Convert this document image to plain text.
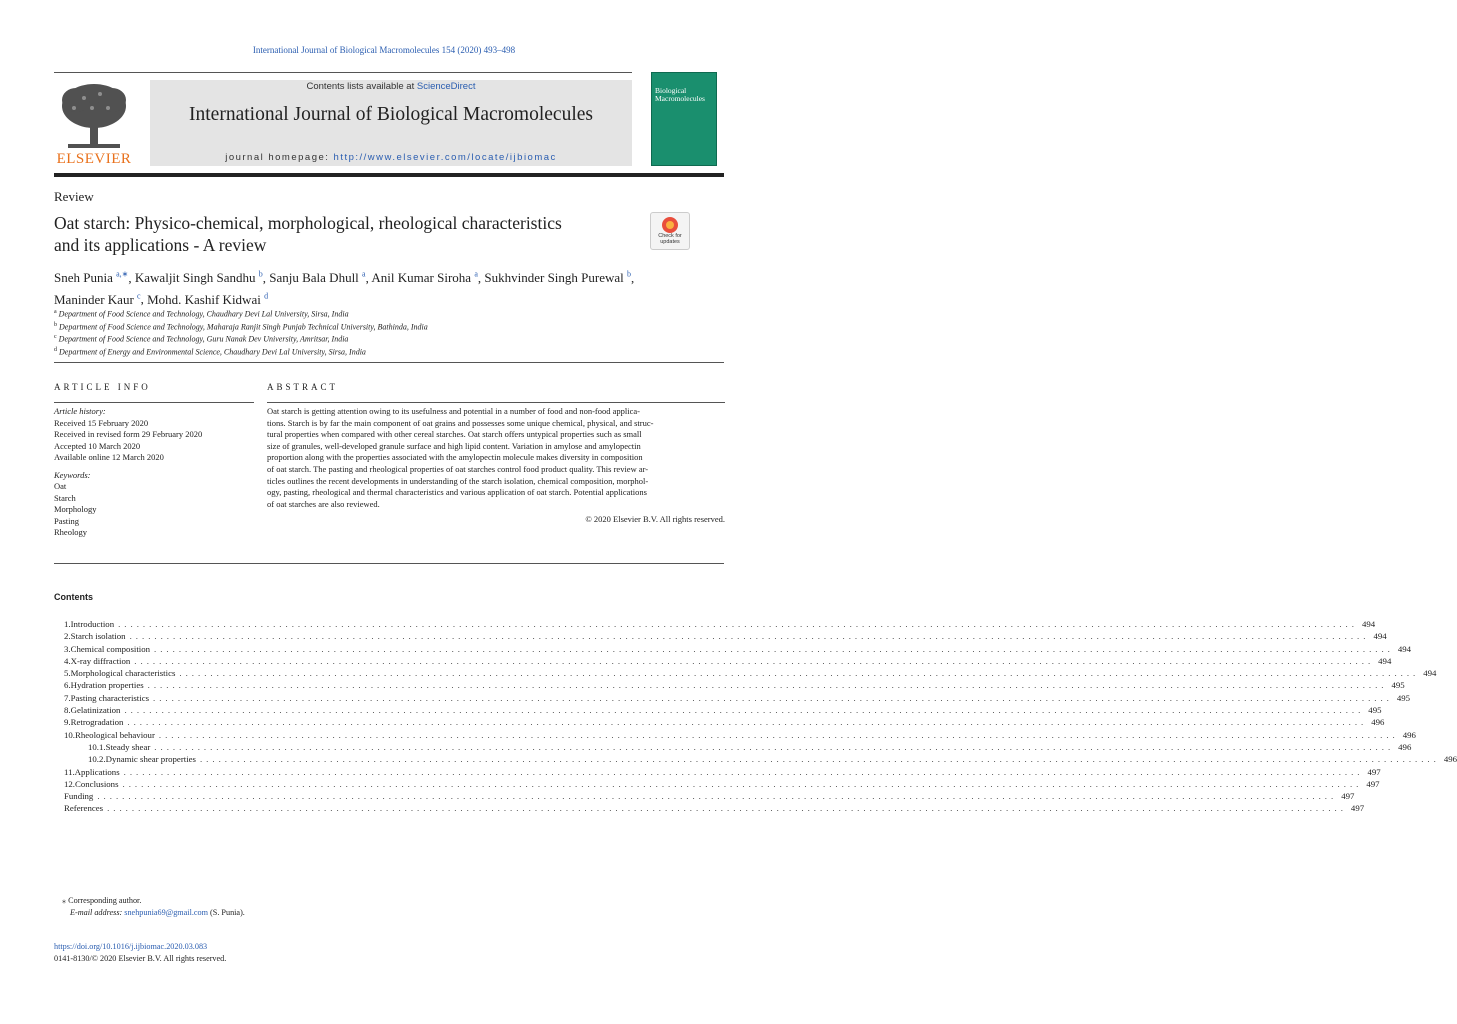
International Journal of Biological Macromolecules 154 (2020) 493–498
ELSEVIER
Contents lists available at ScienceDirect
International Journal of Biological Macromolecules
journal homepage: http://www.elsevier.com/locate/ijbiomac
Biological Macromolecules
Review
Oat starch: Physico-chemical, morphological, rheological characteristics
and its applications - A review	Check for updates
Sneh Punia $^{a,∗}$, Kawaljit Singh Sandhu $^b$, Sanju Bala Dhull $^a$, Anil Kumar Siroha $^a$, Sukhvinder Singh Purewal $^b$,
Maninder Kaur $^c$, Mohd. Kashif Kidwai $^d$
$^a$ Department of Food Science and Technology, Chaudhary Devi Lal University, Sirsa, India
$^b$ Department of Food Science and Technology, Maharaja Ranjit Singh Punjab Technical University, Bathinda, India
$^c$ Department of Food Science and Technology, Guru Nanak Dev University, Amritsar, India
$^d$ Department of Energy and Environmental Science, Chaudhary Devi Lal University, Sirsa, India
ARTICLE INFO	ABSTRACT
Article history:
Received 15 February 2020
Received in revised form 29 February 2020
Accepted 10 March 2020
Available online 12 March 2020
Keywords:
Oat
Starch
Morphology
Pasting
Rheology
Oat starch is getting attention owing to its usefulness and potential in a number of food and non-food applica-
tions. Starch is by far the main component of oat grains and possesses some unique chemical, physical, and struc-
tural properties when compared with other cereal starches. Oat starch offers untypical properties such as small
size of granules, well-developed granule surface and high lipid content. Variation in amylose and amylopectin
proportion along with the properties associated with the amylopectin molecule makes diversity in composition
of oat starch. The pasting and rheological properties of oat starches control food product quality. This review ar-
ticles outlines the recent developments in understanding of the starch isolation, chemical composition, morphol-
ogy, pasting, rheological and thermal characteristics and various application of oat starch. Potential applications
of oat starches are also reviewed.
© 2020 Elsevier B.V. All rights reserved.
Contents
1. Introduction ........................................................................................................................................................................................................ 494
2. Starch isolation ........................................................................................................................................................................................................ 494
3. Chemical composition ........................................................................................................................................................................................................ 494
4. X-ray diffraction ........................................................................................................................................................................................................ 494
5. Morphological characteristics ........................................................................................................................................................................................................ 494
6. Hydration properties ........................................................................................................................................................................................................ 495
7. Pasting characteristics ........................................................................................................................................................................................................ 495
8. Gelatinization ........................................................................................................................................................................................................ 495
9. Retrogradation ........................................................................................................................................................................................................ 496
10. Rheological behaviour ........................................................................................................................................................................................................ 496
10.1. Steady shear ........................................................................................................................................................................................................ 496
10.2. Dynamic shear properties ........................................................................................................................................................................................................ 496
11. Applications ........................................................................................................................................................................................................ 497
12. Conclusions ........................................................................................................................................................................................................ 497
Funding ........................................................................................................................................................................................................ 497
References ........................................................................................................................................................................................................ 497
⁎ Corresponding author.
E-mail address: snehpunia69@gmail.com (S. Punia).
https://doi.org/10.1016/j.ijbiomac.2020.03.083
0141-8130/© 2020 Elsevier B.V. All rights reserved.
